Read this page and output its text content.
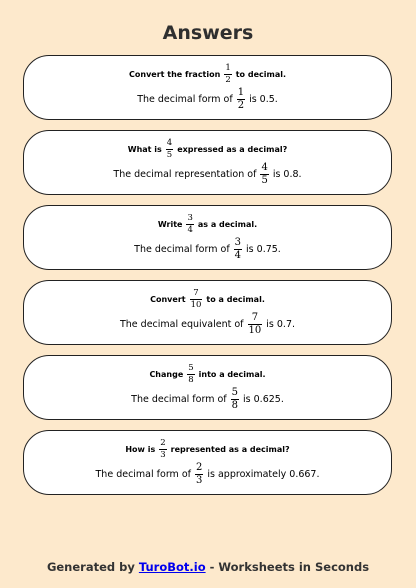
Answers
Convert the fraction $\frac{1}{2}$ to decimal.
The decimal form of $\frac{1}{2}$ is 0.5.
What is $\frac{4}{5}$ expressed as a decimal?
The decimal representation of $\frac{4}{5}$ is 0.8.
Write $\frac{3}{4}$ as a decimal.
The decimal form of $\frac{3}{4}$ is 0.75.
Convert $\frac{7}{10}$ to a decimal.
The decimal equivalent of $\frac{7}{10}$ is 0.7.
Change $\frac{5}{8}$ into a decimal.
The decimal form of $\frac{5}{8}$ is 0.625.
How is $\frac{2}{3}$ represented as a decimal?
The decimal form of $\frac{2}{3}$ is approximately 0.667.
Generated by TuroBot.io - Worksheets in Seconds
